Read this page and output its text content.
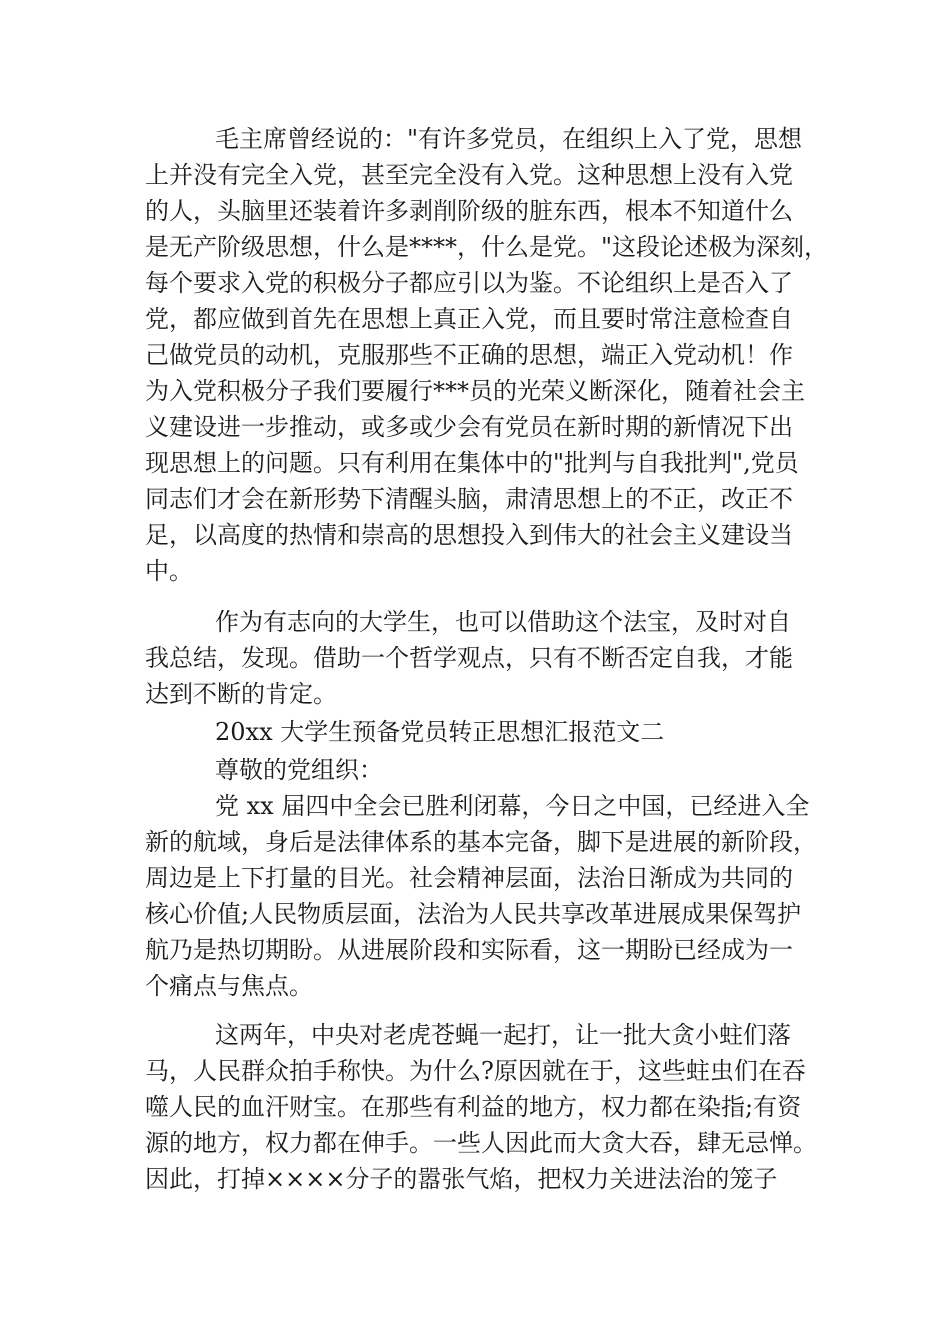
毛主席曾经说的："有许多党员，在组织上入了党，思想
上并没有完全入党，甚至完全没有入党。这种思想上没有入党
的人，头脑里还装着许多剥削阶级的脏东西，根本不知道什么
是无产阶级思想，什么是****，什么是党。"这段论述极为深刻，
每个要求入党的积极分子都应引以为鉴。不论组织上是否入了
党，都应做到首先在思想上真正入党，而且要时常注意检查自
己做党员的动机，克服那些不正确的思想，端正入党动机！作
为入党积极分子我们要履行***员的光荣义断深化，随着社会主
义建设进一步推动，或多或少会有党员在新时期的新情况下出
现思想上的问题。只有利用在集体中的"批判与自我批判",党员
同志们才会在新形势下清醒头脑，肃清思想上的不正，改正不
足，以高度的热情和崇高的思想投入到伟大的社会主义建设当
中。
作为有志向的大学生，也可以借助这个法宝，及时对自
我总结，发现。借助一个哲学观点，只有不断否定自我，才能
达到不断的肯定。
20xx 大学生预备党员转正思想汇报范文二
尊敬的党组织：
党 xx 届四中全会已胜利闭幕，今日之中国，已经进入全
新的航域，身后是法律体系的基本完备，脚下是进展的新阶段，
周边是上下打量的目光。社会精神层面，法治日渐成为共同的
核心价值;人民物质层面，法治为人民共享改革进展成果保驾护
航乃是热切期盼。从进展阶段和实际看，这一期盼已经成为一
个痛点与焦点。
这两年，中央对老虎苍蝇一起打，让一批大贪小蛀们落
马，人民群众拍手称快。为什么?原因就在于，这些蛀虫们在吞
噬人民的血汗财宝。在那些有利益的地方，权力都在染指;有资
源的地方，权力都在伸手。一些人因此而大贪大吞，肆无忌惮。
因此，打掉××××分子的嚣张气焰，把权力关进法治的笼子
